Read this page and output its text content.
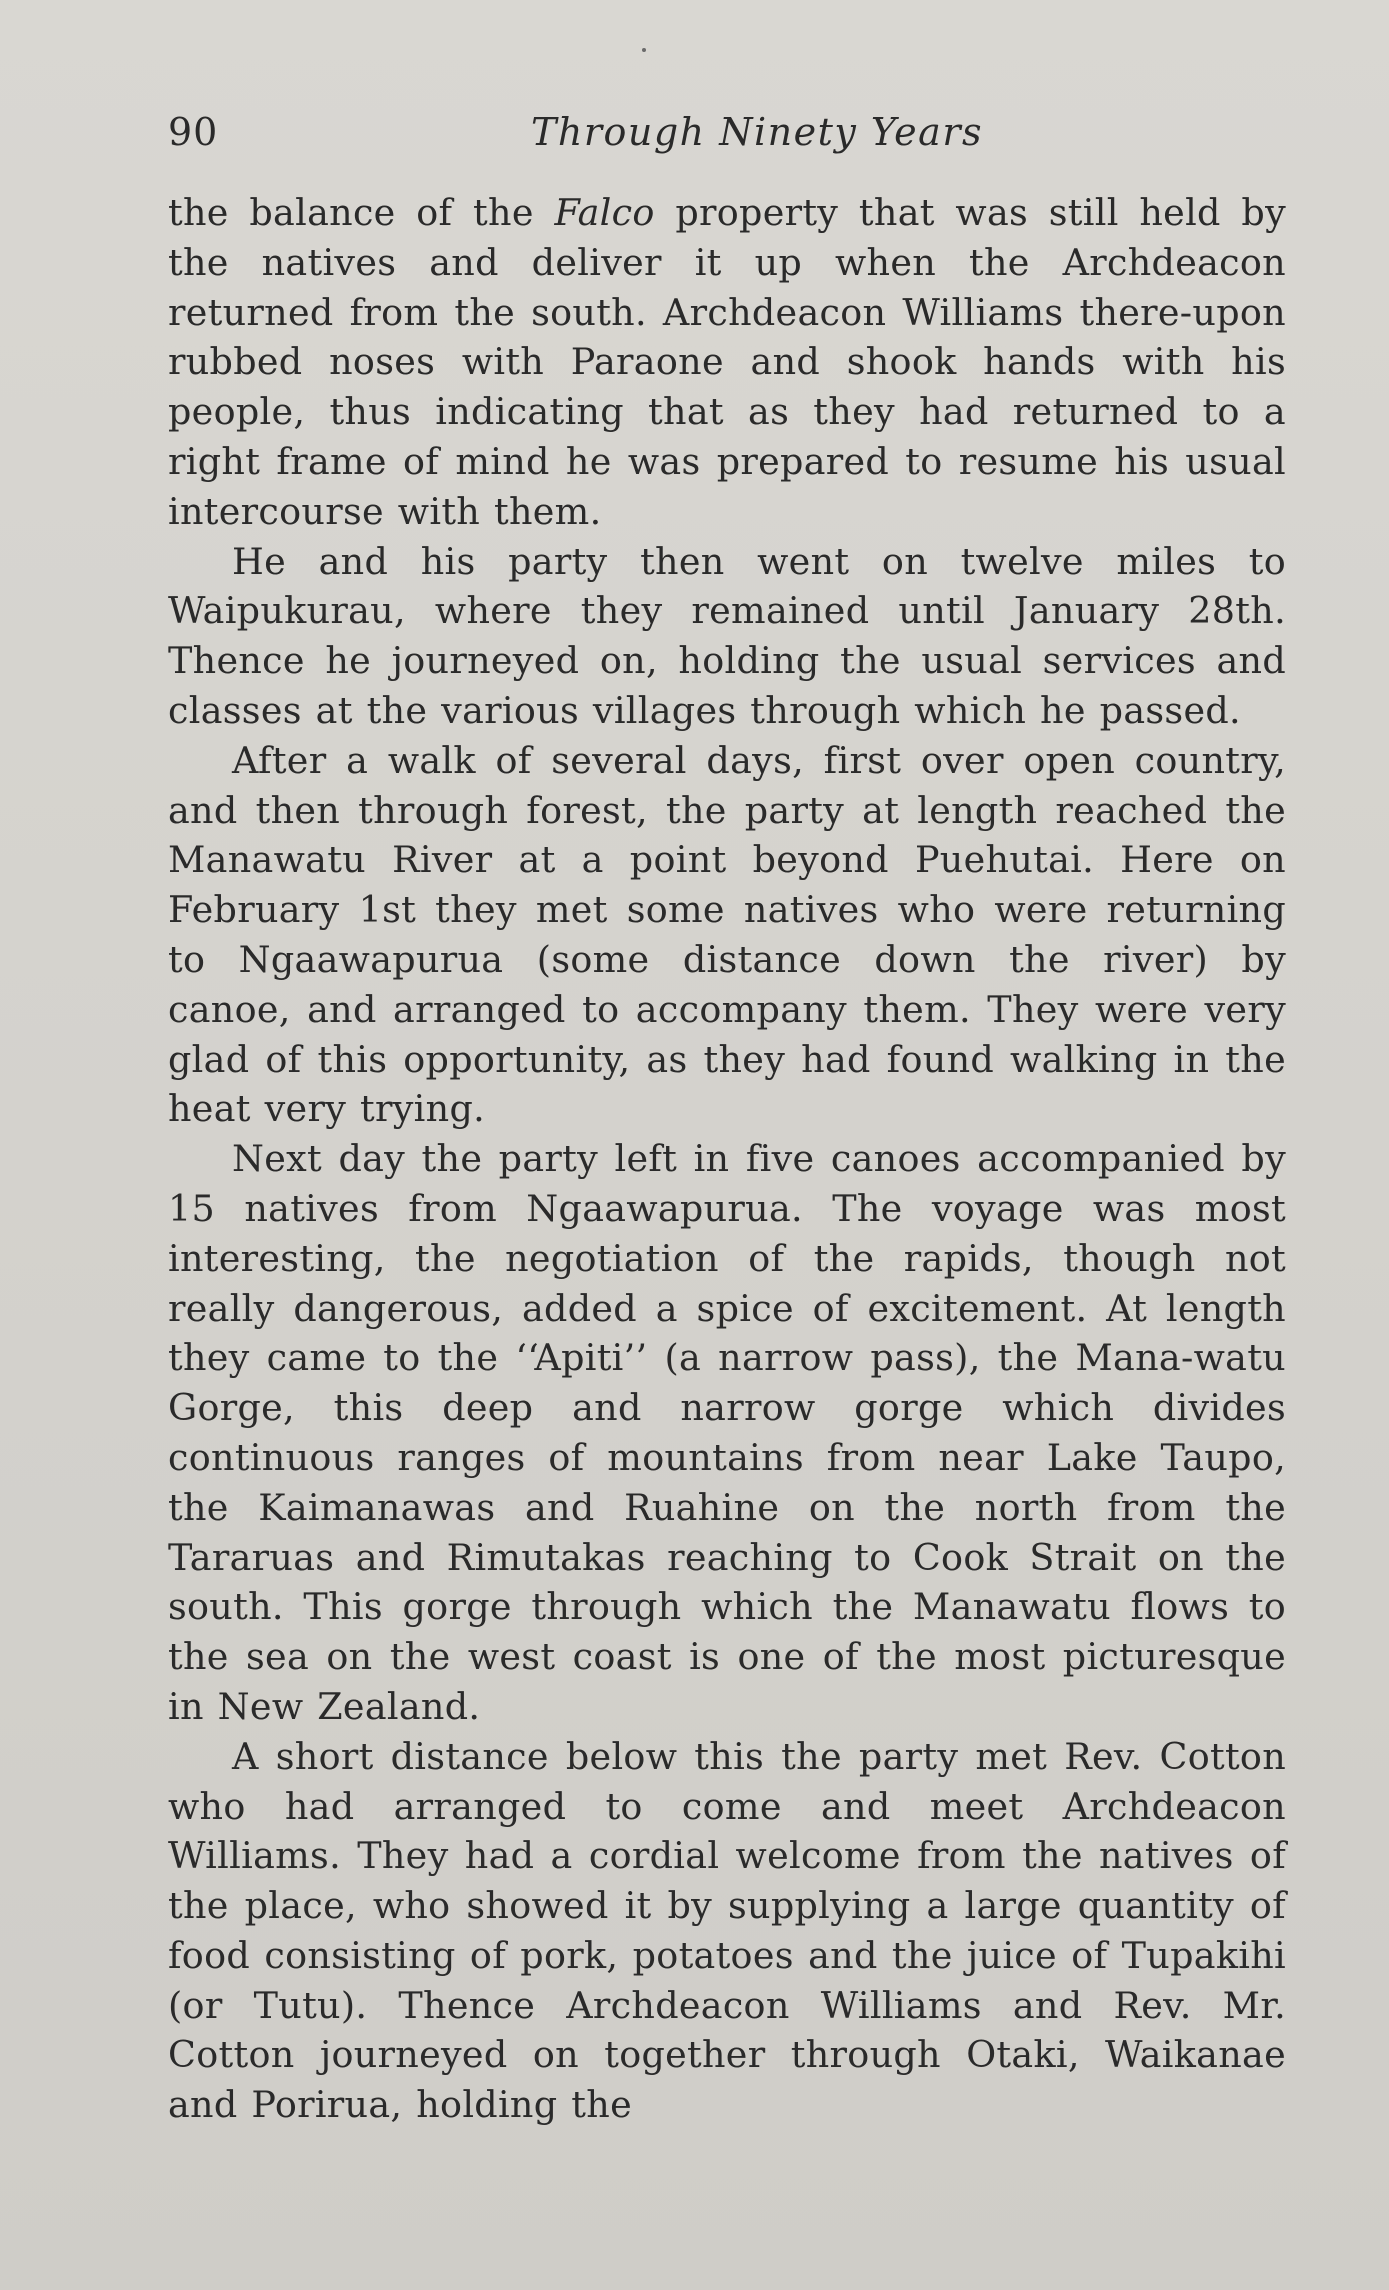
90	Through Ninety Years

the balance of the Falco property that was still held by the natives and deliver it up when the Archdeacon returned from the south. Archdeacon Williams there-upon rubbed noses with Paraone and shook hands with his people, thus indicating that as they had returned to a right frame of mind he was prepared to resume his usual intercourse with them.

He and his party then went on twelve miles to Waipukurau, where they remained until January 28th. Thence he journeyed on, holding the usual services and classes at the various villages through which he passed.

After a walk of several days, first over open country, and then through forest, the party at length reached the Manawatu River at a point beyond Puehutai. Here on February 1st they met some natives who were returning to Ngaawapurua (some distance down the river) by canoe, and arranged to accompany them. They were very glad of this opportunity, as they had found walking in the heat very trying.

Next day the party left in five canoes accompanied by 15 natives from Ngaawapurua. The voyage was most interesting, the negotiation of the rapids, though not really dangerous, added a spice of excitement. At length they came to the ‘‘Apiti’’ (a narrow pass), the Mana-watu Gorge, this deep and narrow gorge which divides continuous ranges of mountains from near Lake Taupo, the Kaimanawas and Ruahine on the north from the Tararuas and Rimutakas reaching to Cook Strait on the south. This gorge through which the Manawatu flows to the sea on the west coast is one of the most picturesque in New Zealand.

A short distance below this the party met Rev. Cotton who had arranged to come and meet Archdeacon Williams. They had a cordial welcome from the natives of the place, who showed it by supplying a large quantity of food consisting of pork, potatoes and the juice of Tupakihi (or Tutu). Thence Archdeacon Williams and Rev. Mr. Cotton journeyed on together through Otaki, Waikanae and Porirua, holding the
